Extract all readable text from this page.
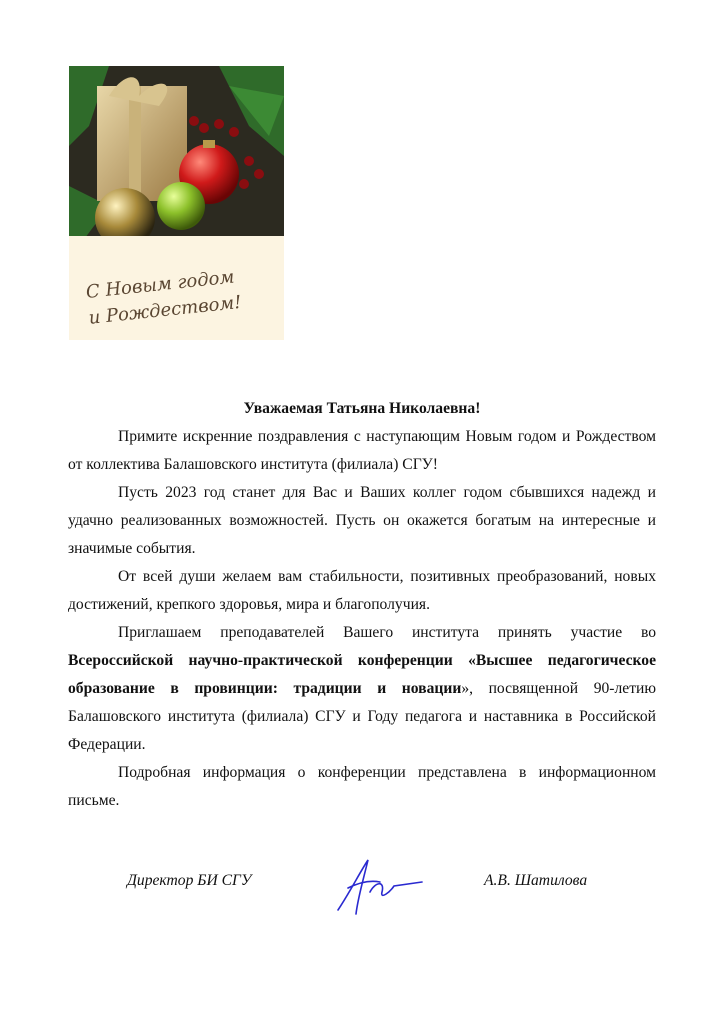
С Новым годом
и Рождеством!

Уважаемая Татьяна Николаевна!

Примите искренние поздравления с наступающим Новым годом и Рождеством от коллектива Балашовского института (филиала) СГУ!

Пусть 2023 год станет для Вас и Ваших коллег годом сбывшихся надежд и удачно реализованных возможностей. Пусть он окажется богатым на интересные и значимые события.

От всей души желаем вам стабильности, позитивных преобразований, новых достижений, крепкого здоровья, мира и благополучия.

Приглашаем преподавателей Вашего института принять участие во Всероссийской научно-практической конференции «Высшее педагогическое образование в провинции: традиции и новации», посвященной 90-летию Балашовского института (филиала) СГУ и Году педагога и наставника в Российской Федерации.

Подробная информация о конференции представлена в информационном письме.

Директор БИ СГУ	А.В. Шатилова
